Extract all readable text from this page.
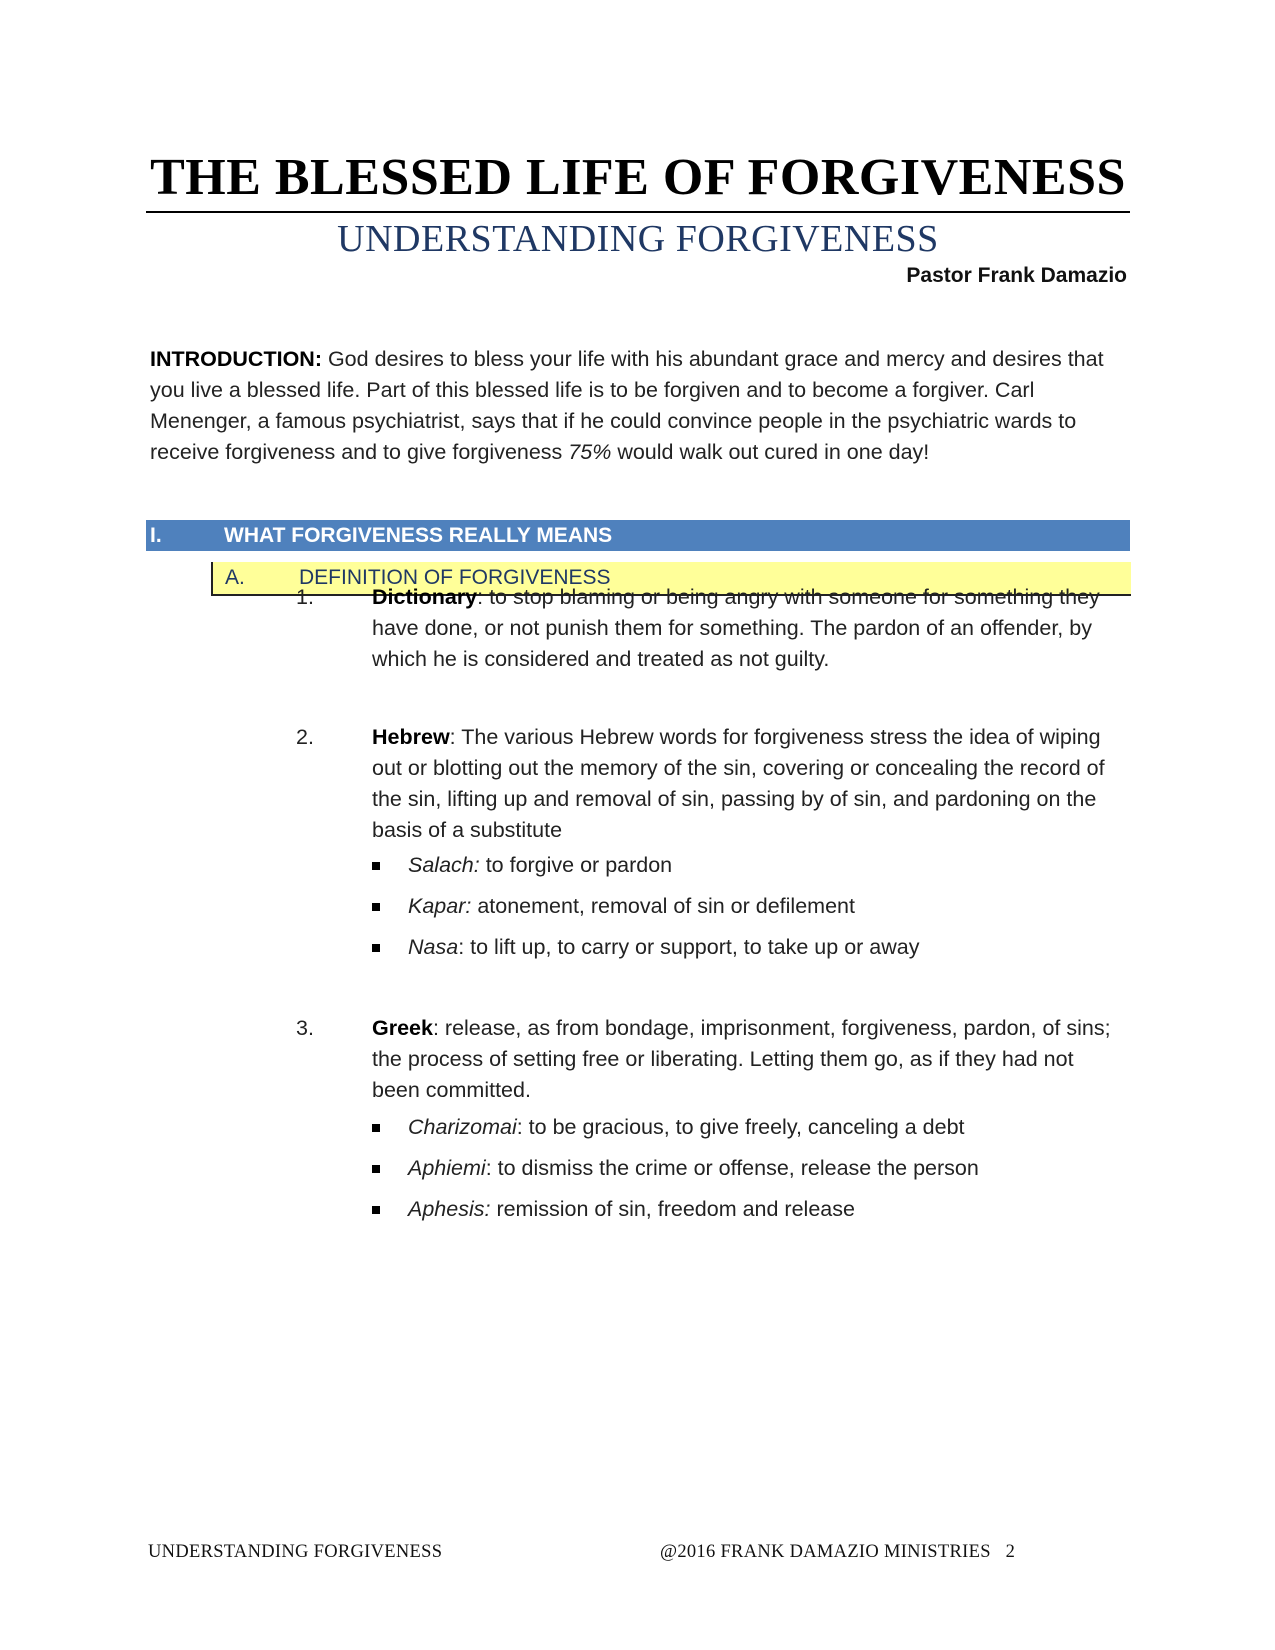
THE BLESSED LIFE OF FORGIVENESS
UNDERSTANDING FORGIVENESS
Pastor Frank Damazio
INTRODUCTION: God desires to bless your life with his abundant grace and mercy and desires that you live a blessed life. Part of this blessed life is to be forgiven and to become a forgiver. Carl Menenger, a famous psychiatrist, says that if he could convince people in the psychiatric wards to receive forgiveness and to give forgiveness 75% would walk out cured in one day!
I.	WHAT FORGIVENESS REALLY MEANS
A.	DEFINITION OF FORGIVENESS
1.	Dictionary: to stop blaming or being angry with someone for something they have done, or not punish them for something. The pardon of an offender, by which he is considered and treated as not guilty.
2.	Hebrew: The various Hebrew words for forgiveness stress the idea of wiping out or blotting out the memory of the sin, covering or concealing the record of the sin, lifting up and removal of sin, passing by of sin, and pardoning on the basis of a substitute
Salach: to forgive or pardon
Kapar: atonement, removal of sin or defilement
Nasa: to lift up, to carry or support, to take up or away
3.	Greek: release, as from bondage, imprisonment, forgiveness, pardon, of sins; the process of setting free or liberating. Letting them go, as if they had not been committed.
Charizomai: to be gracious, to give freely, canceling a debt
Aphiemi: to dismiss the crime or offense, release the person
Aphesis: remission of sin, freedom and release
UNDERSTANDING FORGIVENESS	@2016 FRANK DAMAZIO MINISTRIES 2
